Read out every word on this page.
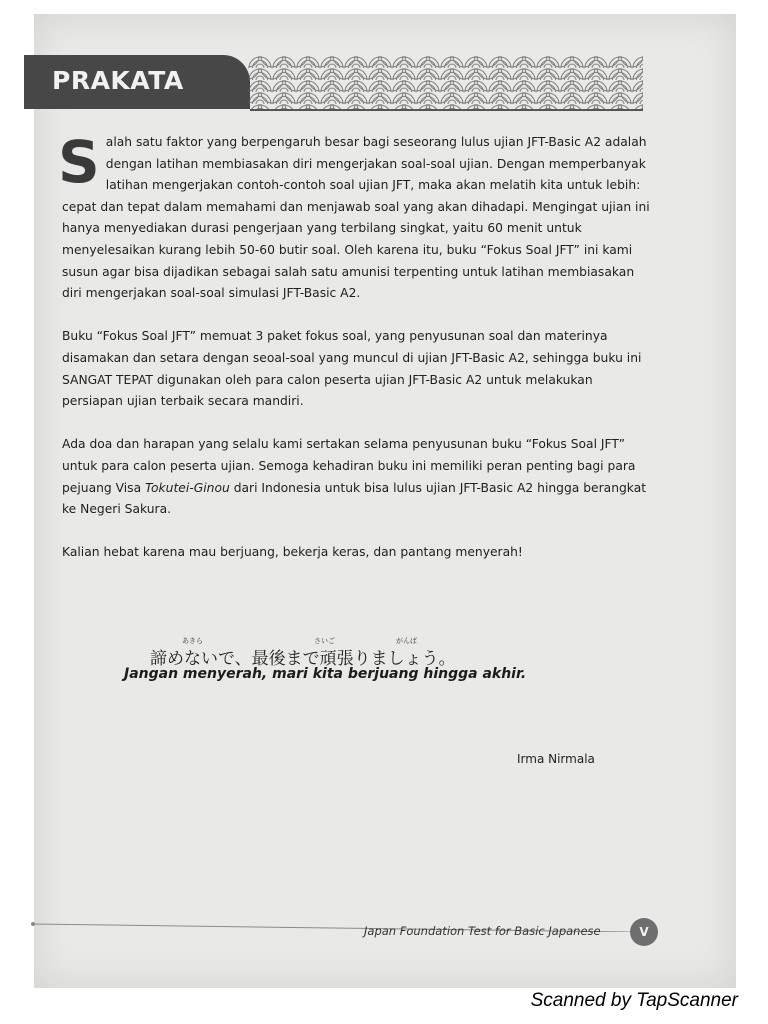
PRAKATA

Salah satu faktor yang berpengaruh besar bagi seseorang lulus ujian JFT-Basic A2 adalah dengan latihan membiasakan diri mengerjakan soal-soal ujian. Dengan memperbanyak latihan mengerjakan contoh-contoh soal ujian JFT, maka akan melatih kita untuk lebih: cepat dan tepat dalam memahami dan menjawab soal yang akan dihadapi. Mengingat ujian ini hanya menyediakan durasi pengerjaan yang terbilang singkat, yaitu 60 menit untuk menyelesaikan kurang lebih 50-60 butir soal. Oleh karena itu, buku “Fokus Soal JFT” ini kami susun agar bisa dijadikan sebagai salah satu amunisi terpenting untuk latihan membiasakan diri mengerjakan soal-soal simulasi JFT-Basic A2.

Buku “Fokus Soal JFT” memuat 3 paket fokus soal, yang penyusunan soal dan materinya disamakan dan setara dengan seoal-soal yang muncul di ujian JFT-Basic A2, sehingga buku ini SANGAT TEPAT digunakan oleh para calon peserta ujian JFT-Basic A2 untuk melakukan persiapan ujian terbaik secara mandiri.

Ada doa dan harapan yang selalu kami sertakan selama penyusunan buku “Fokus Soal JFT” untuk para calon peserta ujian. Semoga kehadiran buku ini memiliki peran penting bagi para pejuang Visa Tokutei-Ginou dari Indonesia untuk bisa lulus ujian JFT-Basic A2 hingga berangkat ke Negeri Sakura.

Kalian hebat karena mau berjuang, bekerja keras, dan pantang menyerah!

あきら	さいご	がんば
諦めないで、最後まで頑張りましょう。
Jangan menyerah, mari kita berjuang hingga akhir.
Irma Nirmala
Japan Foundation Test for Basic Japanese	V
Scanned by TapScanner
